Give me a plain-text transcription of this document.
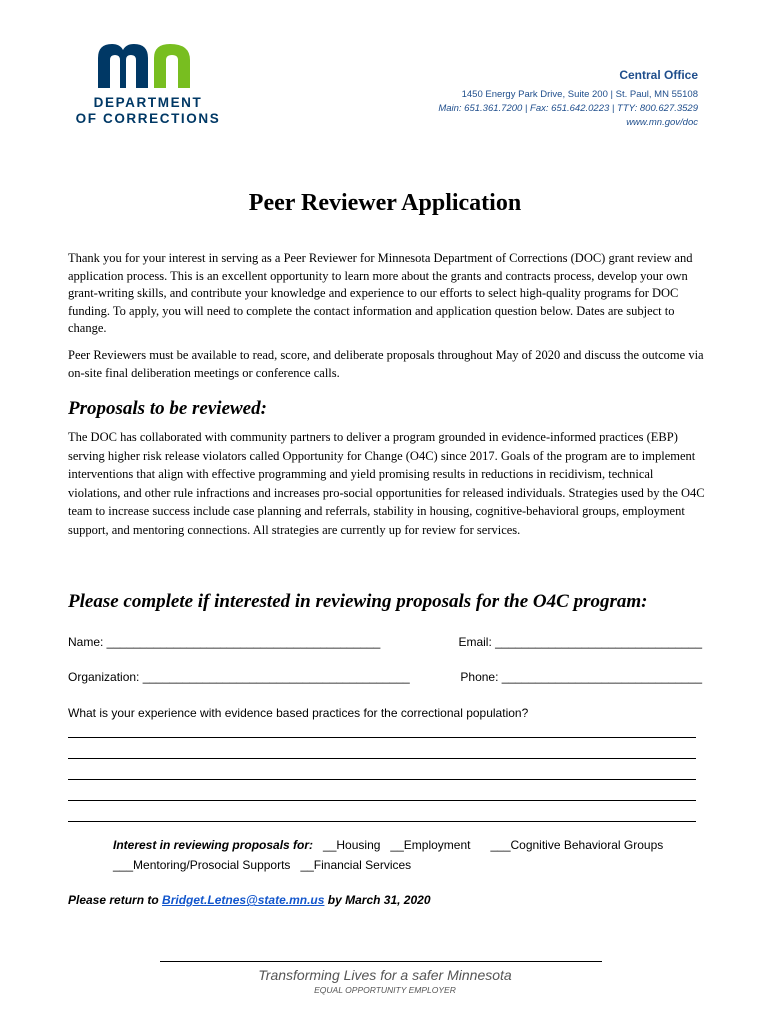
DEPARTMENT
OF CORRECTIONS
Central Office
1450 Energy Park Drive, Suite 200 | St. Paul, MN 55108
Main: 651.361.7200 | Fax: 651.642.0223 | TTY: 800.627.3529
www.mn.gov/doc
Peer Reviewer Application

Thank you for your interest in serving as a Peer Reviewer for Minnesota Department of Corrections (DOC) grant review and application process. This is an excellent opportunity to learn more about the grants and contracts process, develop your own grant-writing skills, and contribute your knowledge and experience to our efforts to select high-quality programs for DOC funding. To apply, you will need to complete the contact information and application question below. Dates are subject to change.

Peer Reviewers must be available to read, score, and deliberate proposals throughout May of 2020 and discuss the outcome via on-site final deliberation meetings or conference calls.

Proposals to be reviewed:

The DOC has collaborated with community partners to deliver a program grounded in evidence-informed practices (EBP) serving higher risk release violators called Opportunity for Change (O4C) since 2017. Goals of the program are to implement interventions that align with effective programming and yield promising results in reductions in recidivism, technical violations, and other rule infractions and increases pro-social opportunities for released individuals. Strategies used by the O4C team to increase success include case planning and referrals, stability in housing, cognitive-behavioral groups, employment support, and mentoring connections. All strategies are currently up for review for services.

Please complete if interested in reviewing proposals for the O4C program:
Name: _________________________________________	Email: _______________________________
Organization: ________________________________________	Phone: ______________________________

What is your experience with evidence based practices for the correctional population?

Interest in reviewing proposals for: __Housing __Employment ___Cognitive Behavioral Groups
___Mentoring/Prosocial Supports __Financial Services
Please return to Bridget.Letnes@state.mn.us by March 31, 2020
Transforming Lives for a safer Minnesota
EQUAL OPPORTUNITY EMPLOYER
